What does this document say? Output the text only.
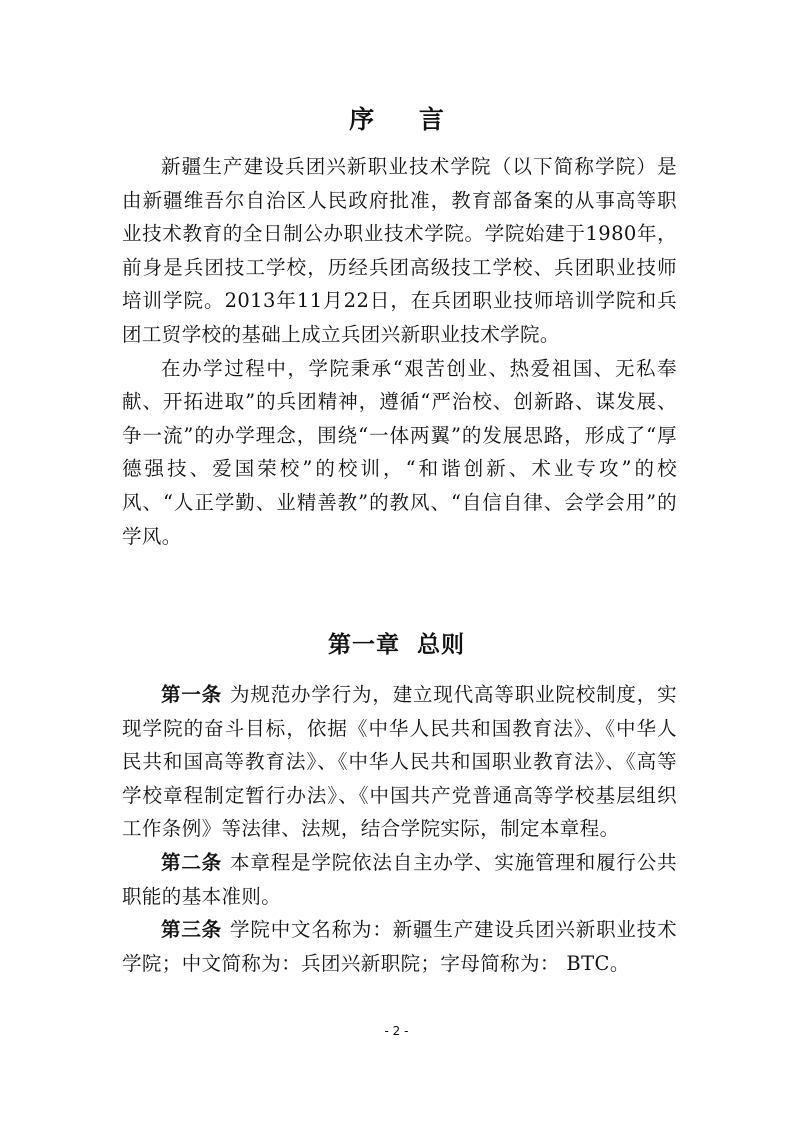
序 言

新疆生产建设兵团兴新职业技术学院（以下简称学院）是由新疆维吾尔自治区人民政府批准，教育部备案的从事高等职业技术教育的全日制公办职业技术学院。学院始建于1980年，前身是兵团技工学校，历经兵团高级技工学校、兵团职业技师培训学院。2013年11月22日，在兵团职业技师培训学院和兵团工贸学校的基础上成立兵团兴新职业技术学院。

在办学过程中，学院秉承“艰苦创业、热爱祖国、无私奉献、开拓进取”的兵团精神，遵循“严治校、创新路、谋发展、争一流”的办学理念，围绕“一体两翼”的发展思路，形成了“厚德强技、爱国荣校”的校训，“和谐创新、术业专攻”的校风、“人正学勤、业精善教”的教风、“自信自律、会学会用”的学风。

第一章 总则

第一条 为规范办学行为，建立现代高等职业院校制度，实现学院的奋斗目标，依据《中华人民共和国教育法》、《中华人民共和国高等教育法》、《中华人民共和国职业教育法》、《高等学校章程制定暂行办法》、《中国共产党普通高等学校基层组织工作条例》等法律、法规，结合学院实际，制定本章程。

第二条 本章程是学院依法自主办学、实施管理和履行公共职能的基本准则。

第三条 学院中文名称为：新疆生产建设兵团兴新职业技术学院；中文简称为：兵团兴新职院；字母简称为： BTC。

- 2 -
